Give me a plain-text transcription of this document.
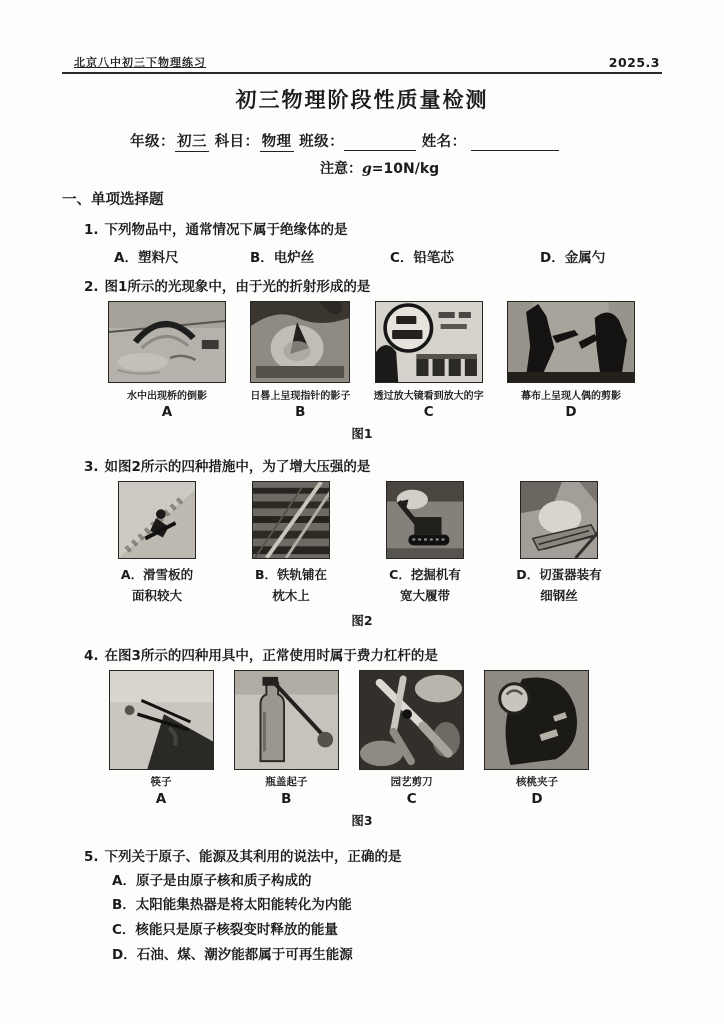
北京八中初三下物理练习	2025.3
初三物理阶段性质量检测
年级： 初三 科目： 物理 班级：	姓名：
注意：g=10N/kg
一、单项选择题
1. 下列物品中，通常情况下属于绝缘体的是
A．塑料尺	B．电炉丝	C．铅笔芯	D．金属勺
2. 图1所示的光现象中，由于光的折射形成的是
水中出现桥的倒影
A
日晷上呈现指针的影子
B
透过放大镜看到放大的字
C
幕布上呈现人偶的剪影
D
图1
3. 如图2所示的四种措施中，为了增大压强的是
A．滑雪板的
面积较大
B．铁轨铺在
枕木上
C．挖掘机有
宽大履带
D．切蛋器装有
细钢丝
图2
4. 在图3所示的四种用具中，正常使用时属于费力杠杆的是
筷子
A
瓶盖起子
B
园艺剪刀
C
核桃夹子
D
图3
5. 下列关于原子、能源及其利用的说法中，正确的是
A．原子是由原子核和质子构成的
B．太阳能集热器是将太阳能转化为内能
C．核能只是原子核裂变时释放的能量
D．石油、煤、潮汐能都属于可再生能源
